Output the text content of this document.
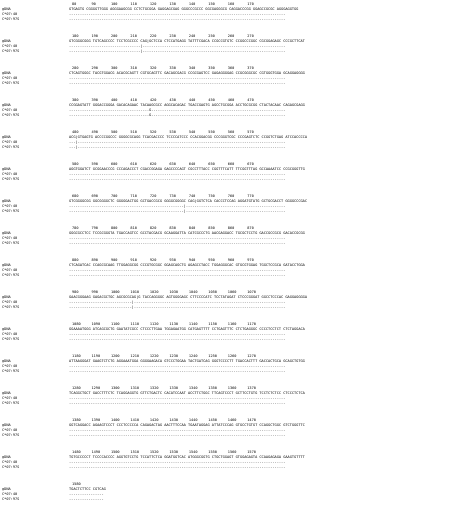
80       90       100      110      120      130      140      150      160      170
gDNA	GTGAGTG CGGGGTTGGG AGGGAAGCGG CCTCTGCGGA GAGGAGCGAG GGGCCCGCCC GGCGAGGGCG CAGGACCCGG GGAGCCGCGC AGGGAGGTGG
C*07:40	----------------------------------------------------------------------------------------------------
C*07:97S	----------------------------------------------------------------------------------------------------
180      190      200      210      220      230      240      250      260      270
gDNA	GTCGGGCGGG TGTCAGCCCC TCCTCGCCCC CAG|GCTCCA CTCCATGAGG TATTTCGACA CCGCCGTGTC CCGGCCCGGC CGCGGAGAGC CCCGCTTCAT
C*07:40	---------------------------------|------------------------------------------------------------------
C*07:97S	---------------------------------|------------------------------------------------------------------
280      290      300      310      320      330      340      350      360      370
gDNA	CTCAGTGGGC TACGTGGACG ACACGCAGTT CGTGCAGTTC GACAGCGACG CCGCGAGTCC GAGAGGGGAG CCGCGGGCGC CGTGGGTGGA GCAGGAGGGG
C*07:40	----------------------------------------------------------------------------------------------------
C*07:97S	----------------------------------------------------------------------------------------------------
380      390      400      410      420      430      440      450      460      470
gDNA	CCGGAGTATT GGGACCGGGA GACACAGAAC TACAAGCGCC AGGCACAGAC TGACCGAGTG AGCCTGCGGA ACCTGCGCGG CTACTACAAC CAGAGCGAGG
C*07:40	-------------------------------------G--------------------------------------------------------------
C*07:97S	-------------------------------------G--------------------------------------------------------------
480      490      500      510      520      530      540      550      560      570
gDNA	ACG|GTGAGTG ACCCCGGCCC GGGGCGCAGG TCACGACCCC TCCCCATCCC CCACGGACGG CCCGGGTCGC CCCGAGTCTC CCGGTCTGAG ATCCACCCCA
C*07:40	---|------------------------------------------------------------------------------------------------
C*07:97S	---|------------------------------------------------------------------------------------------------
580      590      600      610      620      630      640      650      660      670
gDNA	AGGTGGATCT GCGGAACCCG CCCAGACCCT CGACCGGAGA GAGCCCCAGT CGCCTTTACC CGGTTTCATT TTCGGTTTAG GCCAAAATCC CCGCGGGTTG
C*07:40	----------------------------------------------------------------------------------------------------
C*07:97S	----------------------------------------------------------------------------------------------------
680      690      700      710      720      730      740      750      760      770
gDNA	GTCGGGGCGG GGCGGGGCTC GGGGGACTGG GCTGACCGCG GGGGCGGGGC CAG|GGTCTCA CACCCTCCAG AGGATGTATG GCTGCGACCT GGGGCCCGAC
C*07:40	-----------------------------------------------------|----------------------------------------------
C*07:97S	-----------------------------------------------------|----------------------------------------------
780      790      800      810      820      830      840      850      860      870
gDNA	GGGCGCCTCC TCCGCGGGTA TGACCAGTCC GCCTACGACG GCAAGGATTA CATCGCCCTG AACGAGGACC TGCGCTCCTG GACCGCCGCG GACACCGCGG
C*07:40	----------------------------------------------------------------------------------------------------
C*07:97S	----------------------------------------------------------------------------------------------------
880      890      900      910      920      930      940      950      960      970
gDNA	CTCAGATCAC CCAGCGCAAG TTGGAGGCGG CCCGTGCGGC GGAGCAGCTG AGAGCCTACC TGGAGGGCAC GTGCGTGGAG TGGCTCCGCA GATACCTGGA
C*07:40	----------------------------------------------------------------------------------------------------
C*07:97S	----------------------------------------------------------------------------------------------------
980      990      1000     1010     1020     1030     1040     1050     1060     1070
gDNA	GAACGGGAAG GAGACGCTGC AGCGCGCAG|G TACCAGGGGC AGTGGGGAGC CTTCCCCATC TCCTATAGAT CTCCCGGGAT GGCCTCCCAC GAGGAGGGGA
C*07:40	-----------------------------|----------------------------------------------------------------------
C*07:97S	-----------------------------|----------------------------------------------------------------------
1080     1090     1100     1110     1120     1130     1140     1150     1160     1170
gDNA	GGAAAATGGG ATCAGCGCTG GAATATCGCC CTCCCTTGAA TGGAGAATGG CATGAGTTTT CCTGAGTTTC CTCTGAGGGC CCCCTCCTCT CTCTAGGACA
C*07:40	----------------------------------------------------------------------------------------------------
C*07:97S	----------------------------------------------------------------------------------------------------
1180     1190     1200     1210     1220     1230     1240     1250     1260     1270
gDNA	ATTAAGGGAT GAAGTCTCTG AGGAAATGGA GGGGAAGACA GTCCCTGGAA TACTGATCAG GGGTCCCCTT TGACCACTTT GACCACTGCA GCAGCTGTGG
C*07:40	----------------------------------------------------------------------------------------------------
C*07:97S	----------------------------------------------------------------------------------------------------
1280     1290     1300     1310     1320     1330     1340     1350     1360     1370
gDNA	TCAGGCTGCT GACCTTTCTC TCAGGAGGTG GTTCTGACTC CACATCCAAT ACCTTCTGGC TTCAGTCCCT GCTTCCTGTG TCCTCTCTCC CTCCCTCTCA
C*07:40	----------------------------------------------------------------------------------------------------
C*07:97S	----------------------------------------------------------------------------------------------------
1380     1390     1400     1410     1420     1430     1440     1450     1460     1470
gDNA	GGTCAGGACC AGAAGTCCCT CCCTCCCCCA CAGAGACTAG AACTTTCCAA TGAATAGGAG ATTATCCCAG GTGCCTGTGT CCAGGCTGGC GTCTGGGTTC
C*07:40	----------------------------------------------------------------------------------------------------
C*07:97S	----------------------------------------------------------------------------------------------------
1480     1490     1500     1510     1520     1530     1540     1550     1560     1570
gDNA	TGTGCCCCCT TCCCCACCCC AGGTGTCCTG TCCATTCTCA GGATGGTCAC ATGGGCGGTG CTGCTGGAGT GTGGAGAGTA CCAAGAGAGA GAAGTGTTTT
C*07:40	----------------------------------------------------------------------------------------------------
C*07:97S	----------------------------------------------------------------------------------------------------
1580
gDNA	TGACTCTTCC CGTCAG
C*07:40	----------------
C*07:97S	----------------
